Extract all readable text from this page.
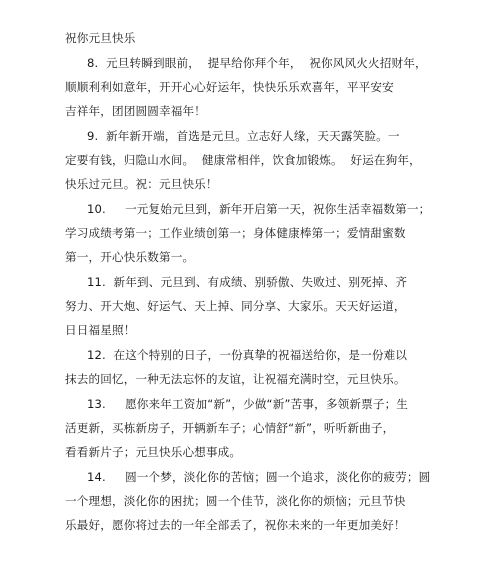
祝你元旦快乐
8.  元旦转瞬到眼前，  提早给你拜个年，  祝你风风火火招财年，
顺顺利利如意年，开开心心好运年，快快乐乐欢喜年，平平安安
吉祥年，团团圆圆幸福年！
9.  新年新开端，首选是元旦。立志好人缘，天天露笑脸。一
定要有钱，归隐山水间。  健康常相伴，饮食加锻炼。  好运在狗年，
快乐过元旦。祝：元旦快乐！
10.     一元复始元旦到，新年开启第一天，祝你生活幸福数第一；
学习成绩考第一；工作业绩创第一；身体健康棒第一；爱情甜蜜数
第一，开心快乐数第一。
11.  新年到、元旦到、有成绩、别骄傲、失败过、别死掉、齐
努力、开大炮、好运气、天上掉、同分享、大家乐。天天好运道，
日日福星照！
12.  在这个特别的日子，一份真挚的祝福送给你，是一份难以
抹去的回忆，一种无法忘怀的友谊，让祝福充满时空，元旦快乐。
13.     愿你来年工资加“新”，少做“新”苦事，多领新票子；生
活更新，买栋新房子，开辆新车子；心情舒“新”，听听新曲子，
看看新片子；元旦快乐心想事成。
14.     圆一个梦，淡化你的苦恼；圆一个追求，淡化你的疲劳；圆
一个理想，淡化你的困扰；圆一个佳节，淡化你的烦恼；元旦节快
乐最好，愿你将过去的一年全部丢了，祝你未来的一年更加美好！
